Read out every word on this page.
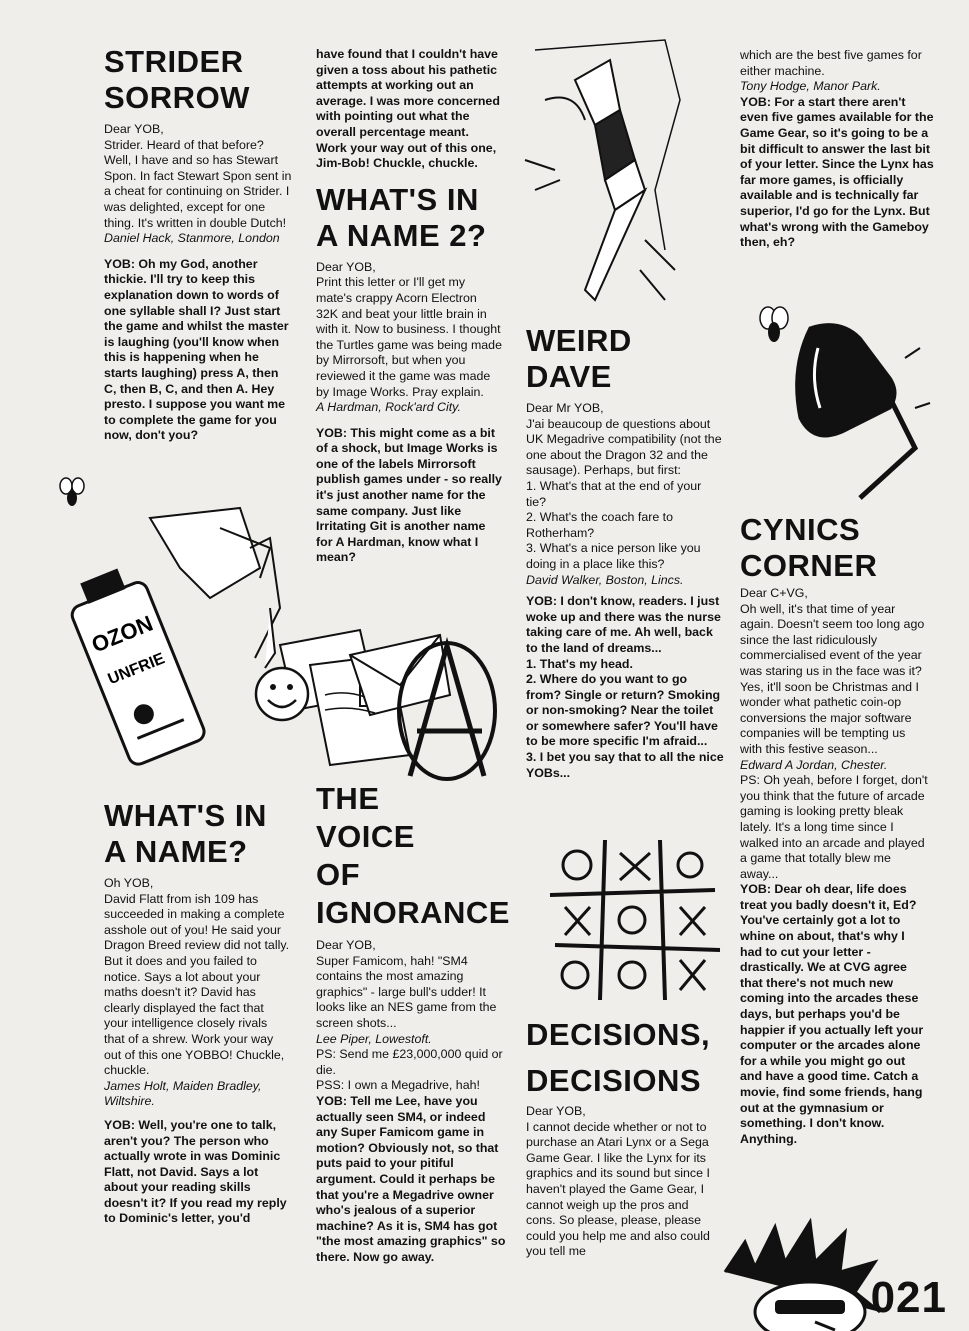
STRIDER SORROW
Dear YOB,
Strider. Heard of that before? Well, I have and so has Stewart Spon. In fact Stewart Spon sent in a cheat for continuing on Strider. I was delighted, except for one thing. It's written in double Dutch!
Daniel Hack, Stanmore, London

YOB: Oh my God, another thickie. I'll try to keep this explanation down to words of one syllable shall I? Just start the game and whilst the master is laughing (you'll know when this is happening when he starts laughing) press A, then C, then B, C, and then A. Hey presto. I suppose you want me to complete the game for you now, don't you?

WHAT'S IN A NAME?
Oh YOB,
David Flatt from ish 109 has succeeded in making a complete asshole out of you! He said your Dragon Breed review did not tally. But it does and you failed to notice. Says a lot about your maths doesn't it? David has clearly displayed the fact that your intelligence closely rivals that of a shrew. Work your way out of this one YOBBO! Chuckle, chuckle.
James Holt, Maiden Bradley, Wiltshire.

YOB: Well, you're one to talk, aren't you? The person who actually wrote in was Dominic Flatt, not David. Says a lot about your reading skills doesn't it? If you read my reply to Dominic's letter, you'd

have found that I couldn't have given a toss about his pathetic attempts at working out an average. I was more concerned with pointing out what the overall percentage meant. Work your way out of this one, Jim-Bob! Chuckle, chuckle.

WHAT'S IN A NAME 2?
Dear YOB,
Print this letter or I'll get my mate's crappy Acorn Electron 32K and beat your little brain in with it. Now to business. I thought the Turtles game was being made by Mirrorsoft, but when you reviewed it the game was made by Image Works. Pray explain.
A Hardman, Rock'ard City.

YOB: This might come as a bit of a shock, but Image Works is one of the labels Mirrorsoft publish games under - so really it's just another name for the same company. Just like Irritating Git is another name for A Hardman, know what I mean?

THE VOICE OF IGNORANCE
Dear YOB,
Super Famicom, hah! "SM4 contains the most amazing graphics" - large bull's udder! It looks like an NES game from the screen shots...
Lee Piper, Lowestoft.
PS: Send me £23,000,000 quid or die.
PSS: I own a Megadrive, hah!
YOB: Tell me Lee, have you actually seen SM4, or indeed any Super Famicom game in motion? Obviously not, so that puts paid to your pitiful argument. Could it perhaps be that you're a Megadrive owner who's jealous of a superior machine? As it is, SM4 has got "the most amazing graphics" so there. Now go away.
WEIRD DAVE
Dear Mr YOB,
J'ai beaucoup de questions about UK Megadrive compatibility (not the one about the Dragon 32 and the sausage). Perhaps, but first:
1. What's that at the end of your tie?
2. What's the coach fare to Rotherham?
3. What's a nice person like you doing in a place like this?
David Walker, Boston, Lincs.
YOB: I don't know, readers. I just woke up and there was the nurse taking care of me. Ah well, back to the land of dreams...
1. That's my head.
2. Where do you want to go from? Single or return? Smoking or non-smoking? Near the toilet or somewhere safer? You'll have to be more specific I'm afraid...
3. I bet you say that to all the nice YOBs...
DECISIONS, DECISIONS
Dear YOB,
I cannot decide whether or not to purchase an Atari Lynx or a Sega Game Gear. I like the Lynx for its graphics and its sound but since I haven't played the Game Gear, I cannot weigh up the pros and cons. So please, please, please could you help me and also could you tell me
which are the best five games for either machine.
Tony Hodge, Manor Park.
YOB: For a start there aren't even five games available for the Game Gear, so it's going to be a bit difficult to answer the last bit of your letter. Since the Lynx has far more games, is officially available and is technically far superior, I'd go for the Lynx. But what's wrong with the Gameboy then, eh?
CYNICS CORNER
Dear C+VG,
Oh well, it's that time of year again. Doesn't seem too long ago since the last ridiculously commercialised event of the year was staring us in the face was it? Yes, it'll soon be Christmas and I wonder what pathetic coin-op conversions the major software companies will be tempting us with this festive season...
Edward A Jordan, Chester.
PS: Oh yeah, before I forget, don't you think that the future of arcade gaming is looking pretty bleak lately. It's a long time since I walked into an arcade and played a game that totally blew me away...
YOB: Dear oh dear, life does treat you badly doesn't it, Ed? You've certainly got a lot to whine on about, that's why I had to cut your letter - drastically. We at CVG agree that there's not much new coming into the arcades these days, but perhaps you'd be happier if you actually left your computer or the arcades alone for a while you might go out and have a good time. Catch a movie, find some friends, hang out at the gymnasium or something. I don't know. Anything.
OZON
UNFRIE
021
